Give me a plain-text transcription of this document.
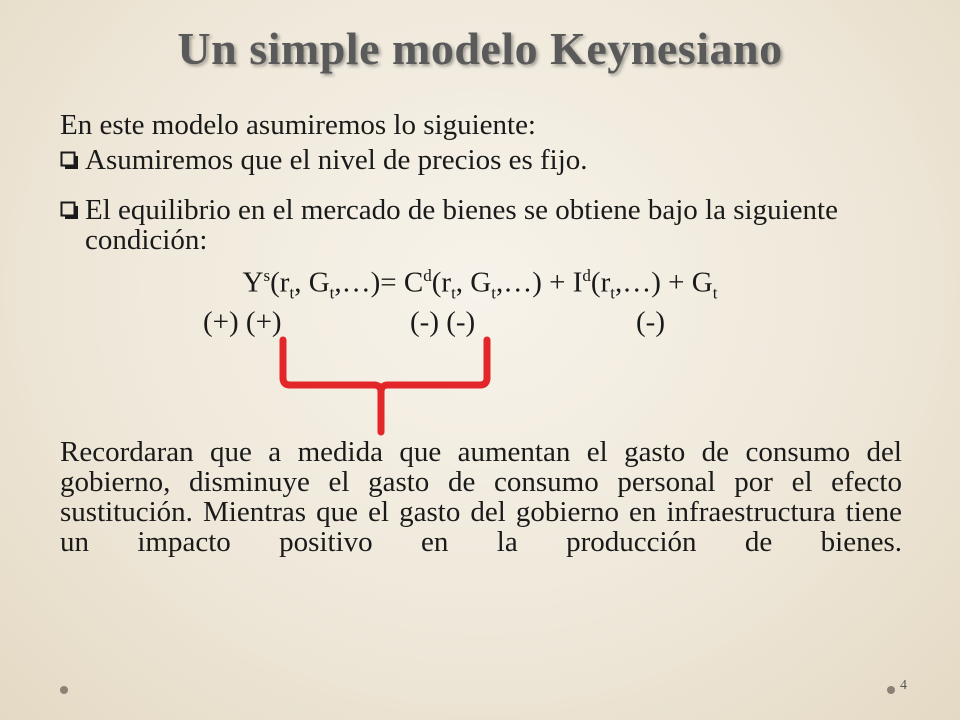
Un simple modelo Keynesiano
En este modelo asumiremos lo siguiente:
Asumiremos que el nivel de precios es fijo.
El equilibrio en el mercado de bienes se obtiene bajo la siguiente condición:
$Y^s(r_t$, $G_t,\dots)= C^d(r_t$, $G_t,\dots$) + $I^d(r_t,\dots) + G_t$
(+) (+)	(-) (-)	(-)
Recordaran que a medida que aumentan el gasto de consumo del gobierno, disminuye el gasto de consumo personal por el efecto sustitución. Mientras que el gasto del gobierno en infraestructura tiene un impacto positivo en la producción de bienes.
4
